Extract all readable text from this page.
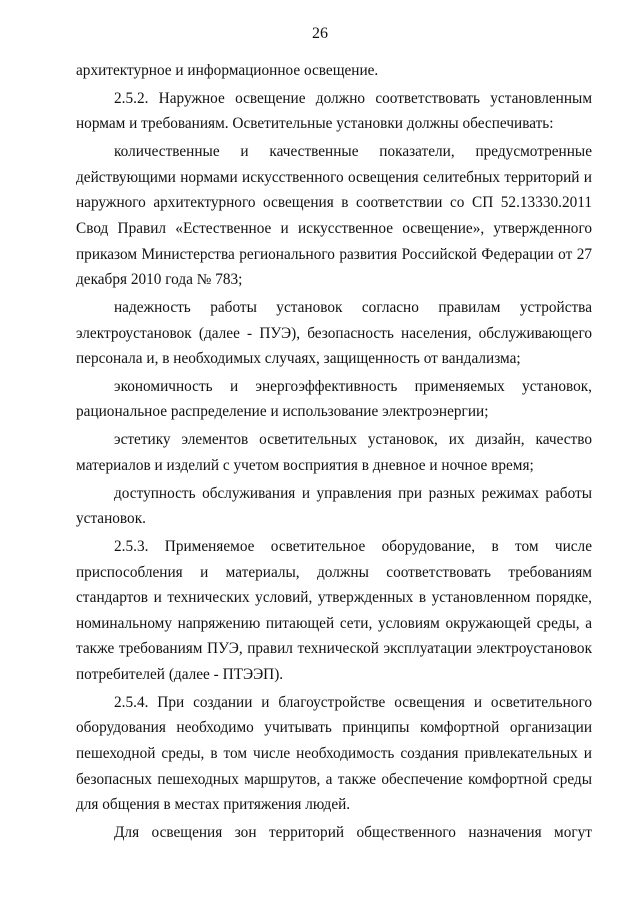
26

архитектурное и информационное освещение.

2.5.2. Наружное освещение должно соответствовать установленным нормам и требованиям. Осветительные установки должны обеспечивать:

количественные и качественные показатели, предусмотренные действующими нормами искусственного освещения селитебных территорий и наружного архитектурного освещения в соответствии со СП 52.13330.2011 Свод Правил «Естественное и искусственное освещение», утвержденного приказом Министерства регионального развития Российской Федерации от 27 декабря 2010 года № 783;

надежность работы установок согласно правилам устройства электроустановок (далее - ПУЭ), безопасность населения, обслуживающего персонала и, в необходимых случаях, защищенность от вандализма;

экономичность и энергоэффективность применяемых установок, рациональное распределение и использование электроэнергии;

эстетику элементов осветительных установок, их дизайн, качество материалов и изделий с учетом восприятия в дневное и ночное время;

доступность обслуживания и управления при разных режимах работы установок.

2.5.3. Применяемое осветительное оборудование, в том числе приспособления и материалы, должны соответствовать требованиям стандартов и технических условий, утвержденных в установленном порядке, номинальному напряжению питающей сети, условиям окружающей среды, а также требованиям ПУЭ, правил технической эксплуатации электроустановок потребителей (далее - ПТЭЭП).

2.5.4. При создании и благоустройстве освещения и осветительного оборудования необходимо учитывать принципы комфортной организации пешеходной среды, в том числе необходимость создания привлекательных и безопасных пешеходных маршрутов, а также обеспечение комфортной среды для общения в местах притяжения людей.

Для освещения зон территорий общественного назначения могут
